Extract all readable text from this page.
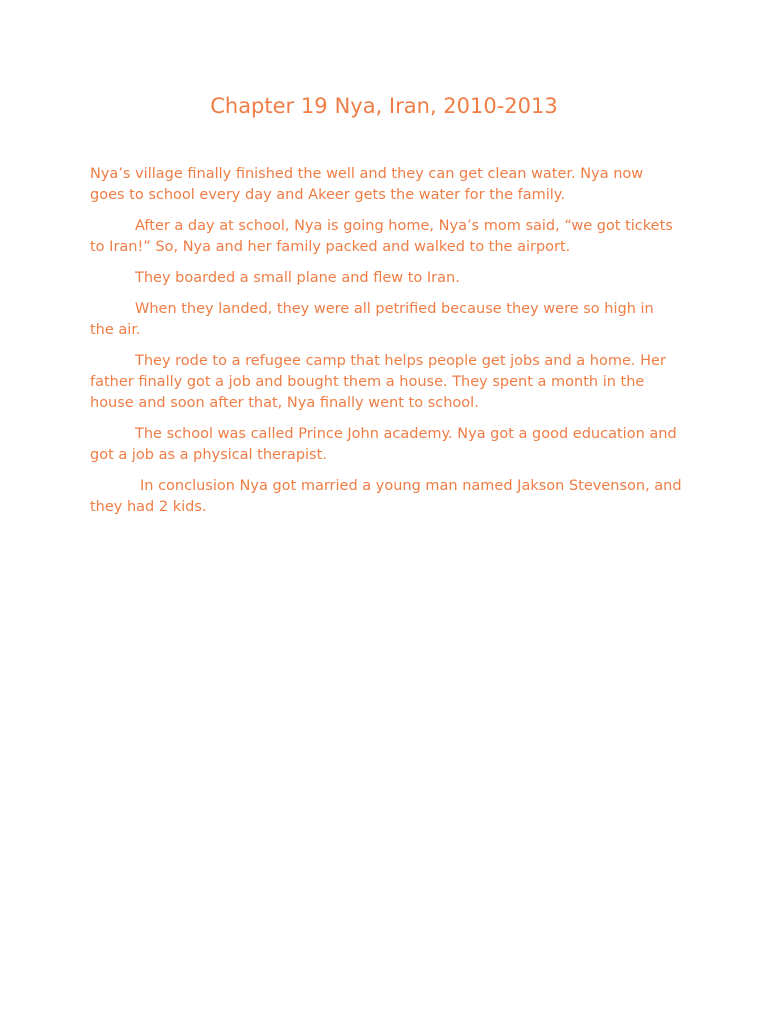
Chapter 19 Nya, Iran, 2010-2013

Nya’s village finally finished the well and they can get clean water. Nya now goes to school every day and Akeer gets the water for the family.

After a day at school, Nya is going home, Nya’s mom said, “we got tickets to Iran!” So, Nya and her family packed and walked to the airport.

They boarded a small plane and flew to Iran.

When they landed, they were all petrified because they were so high in the air.

They rode to a refugee camp that helps people get jobs and a home. Her father finally got a job and bought them a house. They spent a month in the house and soon after that, Nya finally went to school.

The school was called Prince John academy. Nya got a good education and got a job as a physical therapist.

In conclusion Nya got married a young man named Jakson Stevenson, and they had 2 kids.
